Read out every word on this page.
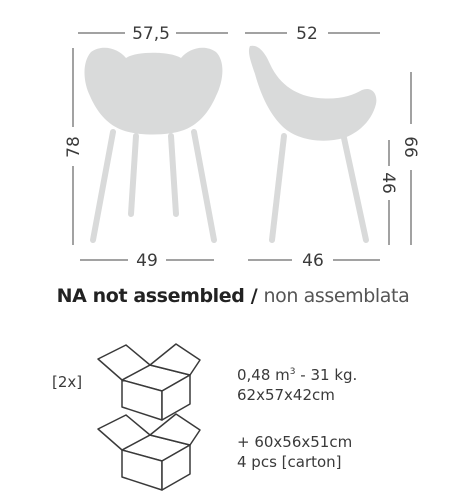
57,5	52
78	66
46
49	46
NA not assembled / non assemblata
[2x]	0,48 $m^3 - 31$ kg.
62x57x42cm
+ 60x56x51cm
4 pcs [carton]
